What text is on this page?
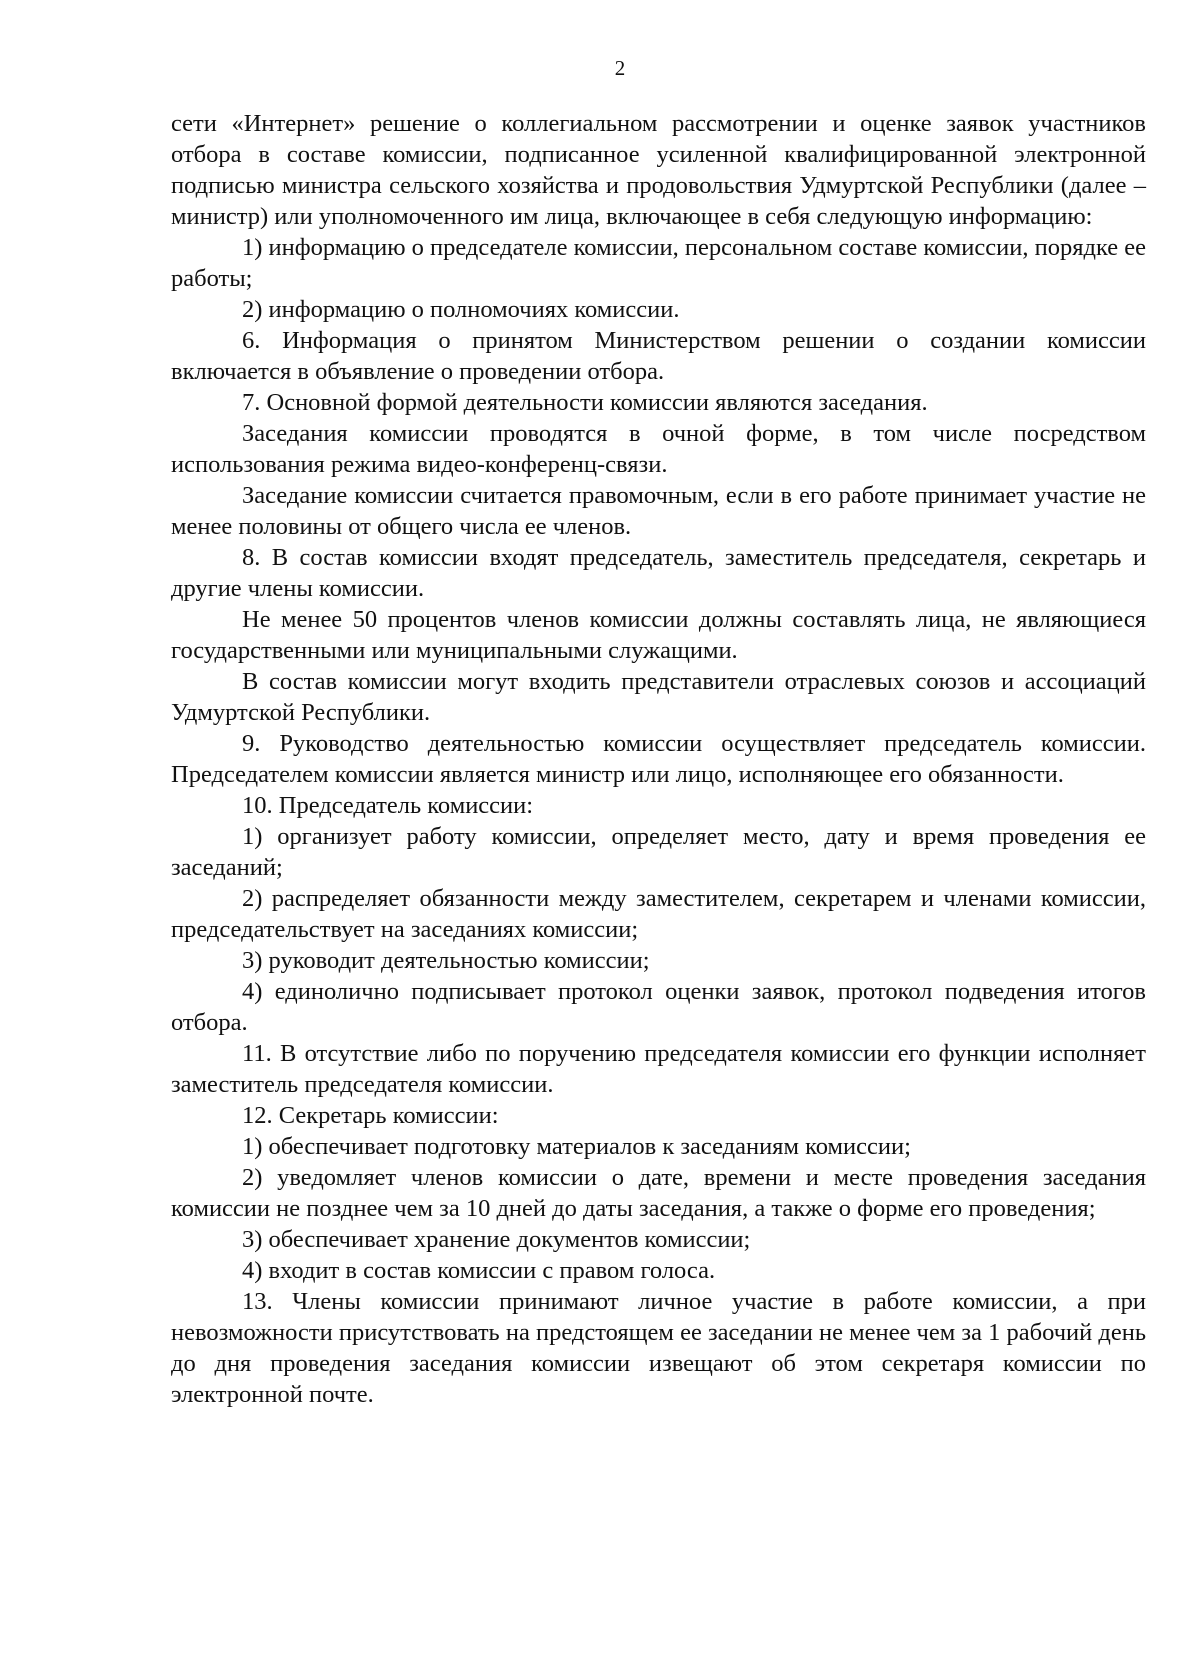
2

сети «Интернет» решение о коллегиальном рассмотрении и оценке заявок участников отбора в составе комиссии, подписанное усиленной квалифицированной электронной подписью министра сельского хозяйства и продовольствия Удмуртской Республики (далее – министр) или уполномоченного им лица, включающее в себя следующую информацию:

1) информацию о председателе комиссии, персональном составе комиссии, порядке ее работы;

2) информацию о полномочиях комиссии.

6. Информация о принятом Министерством решении о создании комиссии включается в объявление о проведении отбора.

7. Основной формой деятельности комиссии являются заседания.

Заседания комиссии проводятся в очной форме, в том числе посредством использования режима видео-конференц-связи.

Заседание комиссии считается правомочным, если в его работе принимает участие не менее половины от общего числа ее членов.

8. В состав комиссии входят председатель, заместитель председателя, секретарь и другие члены комиссии.

Не менее 50 процентов членов комиссии должны составлять лица, не являющиеся государственными или муниципальными служащими.

В состав комиссии могут входить представители отраслевых союзов и ассоциаций Удмуртской Республики.

9. Руководство деятельностью комиссии осуществляет председатель комиссии. Председателем комиссии является министр или лицо, исполняющее его обязанности.

10. Председатель комиссии:

1) организует работу комиссии, определяет место, дату и время проведения ее заседаний;

2) распределяет обязанности между заместителем, секретарем и членами комиссии, председательствует на заседаниях комиссии;

3) руководит деятельностью комиссии;

4) единолично подписывает протокол оценки заявок, протокол подведения итогов отбора.

11. В отсутствие либо по поручению председателя комиссии его функции исполняет заместитель председателя комиссии.

12. Секретарь комиссии:

1) обеспечивает подготовку материалов к заседаниям комиссии;

2) уведомляет членов комиссии о дате, времени и месте проведения заседания комиссии не позднее чем за 10 дней до даты заседания, а также о форме его проведения;

3) обеспечивает хранение документов комиссии;

4) входит в состав комиссии с правом голоса.

13. Члены комиссии принимают личное участие в работе комиссии, а при невозможности присутствовать на предстоящем ее заседании не менее чем за 1 рабочий день до дня проведения заседания комиссии извещают об этом секретаря комиссии по электронной почте.
